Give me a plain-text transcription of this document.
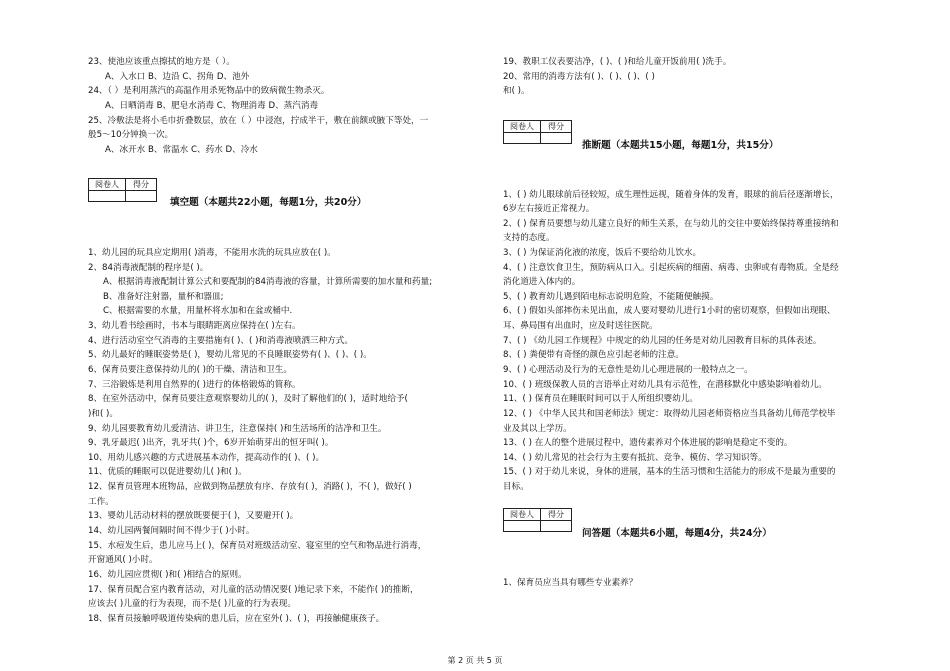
23、使池应该重点擦拭的地方是（ ）。
A、入水口 B、边沿 C、拐角 D、池外
24、（ ）是利用蒸汽的高温作用杀死物品中的致病微生物杀灭。
A、日晒消毒 B、肥皂水消毒 C、物理消毒 D、蒸汽消毒
25、冷敷法是将小毛巾折叠数层，放在（ ）中浸泡，拧成半干，敷在前额或腋下等处，一
般5～10分钟换一次。
A、冰开水 B、常温水 C、药水 D、冷水
阅卷人	得分

填空题（本题共22小题，每题1分，共20分）
1、幼儿园的玩具应定期用( )消毒，不能用水洗的玩具应放在( )。
2、84消毒液配制的程序是( )。
A、根据消毒液配制计算公式和要配制的84消毒液的容量，计算所需要的加水量和药量;
B、准备好注射器，量杯和器皿;
C、根据需要的水量，用量杯将水加和在盆或桶中.
3、幼儿看书绘画时，书本与眼睛距离应保持在( )左右。
4、进行活动室空气消毒的主要措施有( )、( )和消毒液喷洒三种方式。
5、幼儿最好的睡眠姿势是( )，婴幼儿常见的不良睡眠姿势有( )、( )、( )。
6、保育员要注意保持幼儿的( )的干燥、清洁和卫生。
7、三浴锻炼是利用自然界的( )进行的体格锻炼的简称。
8、在室外活动中，保育员要注意观察婴幼儿的( )，及时了解他们的( )，适时地给予(
)和( )。
9、幼儿园要教育幼儿爱清洁、讲卫生，注意保持( )和生活场所的洁净和卫生。
9、乳牙最迟( )出齐，乳牙共( )个，6岁开始萌芽出的恒牙叫( )。
10、用幼儿感兴趣的方式进展基本动作，提高动作的( )、( )。
11、优质的睡眠可以促进婴幼儿( )和( )。
12、保育员管理本班物品，应做到物品摆放有序、存放有( )，消路( )，不( )，做好( )
工作。
13、婴幼儿活动材料的摆放既要便于( )，又要避开( )。
14、幼儿园两餐间隔时间不得少于( )小时。
15、水痘发生后，患儿应马上( )，保育员对班级活动室、寝室里的空气和物品进行消毒，
开窗通风( )小时。
16、幼儿园应贯彻( )和( )相结合的原则。
17、保育员配合室内教育活动，对儿童的活动情况要( )地记录下来，不能作( )的推断，
应该去( )儿童的行为表现，而不是( )儿童的行为表现。
18、保育员接触呼吸道传染病的患儿后，应在室外( )、( )，再接触健康孩子。
19、教职工仪表要洁净，( )、( )和给儿童开饭前用( )洗手。
20、常用的消毒方法有( )、( )、( )、( )
和( )。
阅卷人	得分

推断题（本题共15小题，每题1分，共15分）
1、( ) 幼儿眼球前后径较短，成生理性远视，随着身体的发育，眼球的前后径逐渐增长，
6岁左右接近正常视力。
2、( ) 保育员要想与幼儿建立良好的师生关系，在与幼儿的交往中要始终保持尊重接纳和
支持的态度。
3、( ) 为保证消化液的浓度，饭后不要给幼儿饮水。
4、( ) 注意饮食卫生，预防病从口入。引起疾病的细菌、病毒、虫卵或有毒物质。全是经
消化道进入体内的。
5、( ) 教育幼儿遇到陌电标志说明危险，不能随便触摸。
6、( ) 假如头部摔伤未见出血，成人要对婴幼儿进行1小时的密切观察，但假如出现眼、
耳、鼻局围有出血时，应及时送往医院。
7、( ) 《幼儿园工作规程》中规定的幼儿园的任务是对幼儿园教育目标的具体表述。
8、( ) 粪便带有奇怪的颜色应引起老师的注意。
9、( ) 心理活动及行为的无意性是幼儿心理进展的一般特点之一。
10、( ) 班级保教人员的言语举止对幼儿具有示范性，在潜移默化中感染影响着幼儿。
11、( ) 保育员在睡眠时间可以于人所组织婴幼儿。
12、( ) 《中华人民共和国老师法》规定：取得幼儿园老师资格应当具备幼儿师范学校毕
业及其以上学历。
13、( ) 在人的整个进展过程中，遗传素养对个体进展的影响是稳定不变的。
14、( ) 幼儿常见的社会行为主要有抵抗、竞争、模仿、学习知识等。
15、( ) 对于幼儿来说，身体的进展，基本的生活习惯和生活能力的形成不是最为重要的
目标。
阅卷人	得分

问答题（本题共6小题，每题4分，共24分）
1、保育员应当具有哪些专业素养？
第 2 页 共 5 页
